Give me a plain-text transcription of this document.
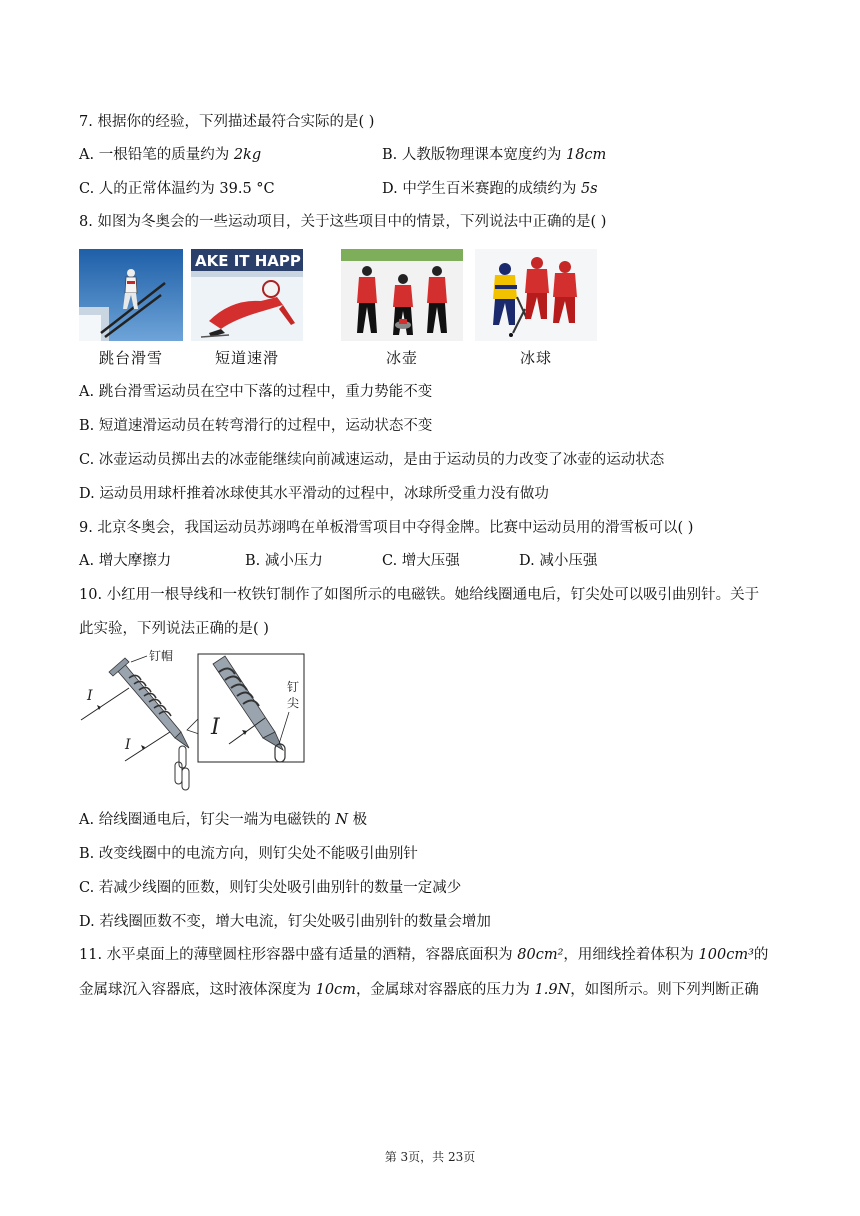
7. 根据你的经验，下列描述最符合实际的是( )
A. 一根铅笔的质量约为 2kg	B. 人教版物理课本宽度约为 18cm
C. 人的正常体温约为 39.5 °C	D. 中学生百米赛跑的成绩约为 5s
8. 如图为冬奥会的一些运动项目，关于这些项目中的情景，下列说法中正确的是( )
跳台滑雪
AKE IT HAPP
短道速滑	冰壶	冰球
A. 跳台滑雪运动员在空中下落的过程中，重力势能不变
B. 短道速滑运动员在转弯滑行的过程中，运动状态不变
C. 冰壶运动员掷出去的冰壶能继续向前减速运动，是由于运动员的力改变了冰壶的运动状态
D. 运动员用球杆推着冰球使其水平滑动的过程中，冰球所受重力没有做功
9. 北京冬奥会，我国运动员苏翊鸣在单板滑雪项目中夺得金牌。比赛中运动员用的滑雪板可以( )
A. 增大摩擦力	B. 减小压力	C. 增大压强	D. 减小压强
10. 小红用一根导线和一枚铁钉制作了如图所示的电磁铁。她给线圈通电后，钉尖处可以吸引曲别针。关于
此实验，下列说法正确的是( )
钉帽
I
I
I
钉
尖
A. 给线圈通电后，钉尖一端为电磁铁的 N 极
B. 改变线圈中的电流方向，则钉尖处不能吸引曲别针
C. 若减少线圈的匝数，则钉尖处吸引曲别针的数量一定减少
D. 若线圈匝数不变，增大电流，钉尖处吸引曲别针的数量会增加
11. 水平桌面上的薄壁圆柱形容器中盛有适量的酒精，容器底面积为 80cm²，用细线拴着体积为 100cm³的
金属球沉入容器底，这时液体深度为 10cm，金属球对容器底的压力为 1.9N，如图所示。则下列判断正确
第 3页，共 23页
